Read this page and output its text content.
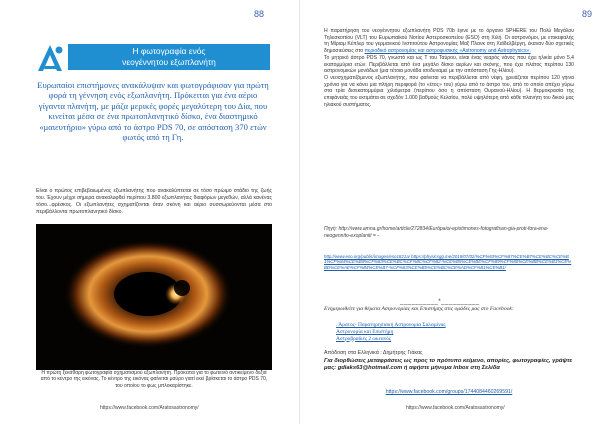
88
Η φωτογραφία ενός
νεογέννητου εξωπλανήτη
Ευρωπαίοι επιστήμονες ανακάλυψαν και φωτογράφισαν για πρώτη φορά τη γέννηση ενός εξωπλανήτη. Πρόκειται για ένα αέριο γίγαντα πλανήτη, με μάζα μερικές φορές μεγαλύτερη του Δία, που κινείται μέσα σε ένα πρωτοπλανητικό δίσκο, ένα διαστημικό «μαιευτήριο» γύρω από το άστρο PDS 70, σε απόσταση 370 ετών φωτός από τη Γη.
Είναι ο πρώτος επιβεβαιωμένος εξωπλανήτης που ανακαλύπτεται σε τόσο πρώιμο στάδιο της ζωής του. Έχουν μέχρι σήμερα ανακαλυφθεί περίπου 3.800 εξωπλανήτες διαφόρων μεγεθών, αλλά κανένας τόσο...φρέσκος. Οι εξωπλανήτες σχηματίζονται όταν σκόνη και αέριο συσσωρεύονται μέσα στο περιβάλλοντα πρωτοπλανητικό δίσκο.
Η πρώτη ξεκάθαρη φωτογραφία σχηματισμού εξωπλανήτη. Πρόκειται για το φωτεινό αντικείμενο δεξιά από το κέντρο της εικόνας. Το κέντρο της εικόνας φαίνεται μαύρο γιατί εκεί βρίσκεται το άστρο PDS 70, του οποίου το φως μπλοκαρίστηκε.
https://www.facebook.com/Aratosastronomy/
89

Η παρατήρηση του νεογέννητου εξωπλανήτη PDS 70b έγινε με το όργανο SPHERE του Πολύ Μεγάλου Τηλεσκοπίου (VLT) του Ευρωπαϊκού Νοτίου Αστεροσκοπείου (ESO) στη Χιλή. Οι αστρονόμοι, με επικεφαλής τη Μίριαμ Κέπλερ του γερμανικού Ινστιτούτου Αστρονομίας Μαξ Πλανκ στη Χαϊδελβέργη, έκαναν δύο σχετικές δημοσιεύσεις στο περιοδικό αστρονομίας και αστροφυσικής «Astronomy and Astrophysics».

Το μητρικό άστρο PDS 70, γνωστό και ως T του Ταύρου, είναι ένας νεαρός νάνος που έχει ηλικία μόνο 5,4 εκατομμύρια ετών. Περιβάλλεται από ένα μεγάλο δίσκο αερίων και σκόνης, που έχει πλάτος περίπου 130 αστρονομικών μονάδων (μια τέτοια μονάδα ισοδυναμεί με την απόσταση Γης-Ηλίου).

Ο νεοσχηματιζόμενος εξωπλανήτης, που φαίνεται να περιβάλλεται από νέφη, χρειάζεται περίπου 120 γήινα χρόνια για να κάνει μια πλήρη περιφορά (το «έτος» του) γύρω από το άστρο του, από το οποίο απέχει γύρω στα τρία δισεκατομμύρια χιλιόμετρα (περίπου όσο η απόσταση Ουρανού-Ηλίου). Η θερμοκρασία της επιφάνειάς του εκτιμάται σε σχεδόν 1.000 βαθμούς Κελσίου, πολύ υψηλότερη από κάθε πλανήτη του δικού μας ηλιακού συστήματος.

Πηγή: http://www.amna.gr/home/article/272834/Eurōpaioi-epistimones-fotografisan-gia-proti-fora-ena-neogennito-exoplaniti = -
http://www.eso.org/public/images/eso1821a/ https://physicsgg.me/2018/07/02/%CF%83%CF%87%CE%B7%CE%BC%CE%B1%CF%84%CE%B9%CF%83%CE%BC%CF%8C%CF%82-%CE%B5%CE%BE%CF%89%CF%80%CE%BB%CE%B1%CE%BD%CE%AE%CF%84%CE%B7-%CF%83%CE%B5%CE%BC%CE%AD%CF%81%CE%B1/
__________*__________
Ενημερωθείτε για θέματα Αστρονομίας και Επιστήμης στις ομάδες μας στο Facebook:
. Άρατος- Παρατηρησιακή Αστρονομία Σαλαμίνας
Αστρονομία και Επιστήμη
Αστροβραδιές 2 ωκεανός
Απόδοση στα Ελληνικά : Δημήτρης Γιάκας
Για διορθώσεις μεταφράσεις ως προς το πρότυπο κείμενο, απορίες, φωτογραφίες, γράψτε μας: gdiaks63@hotmail.com ή αφήστε μήνυμα inbox στη Σελίδα
https://www.facebook.com/groups/1744084460269591/
https://www.facebook.com/Aratosastronomy/
